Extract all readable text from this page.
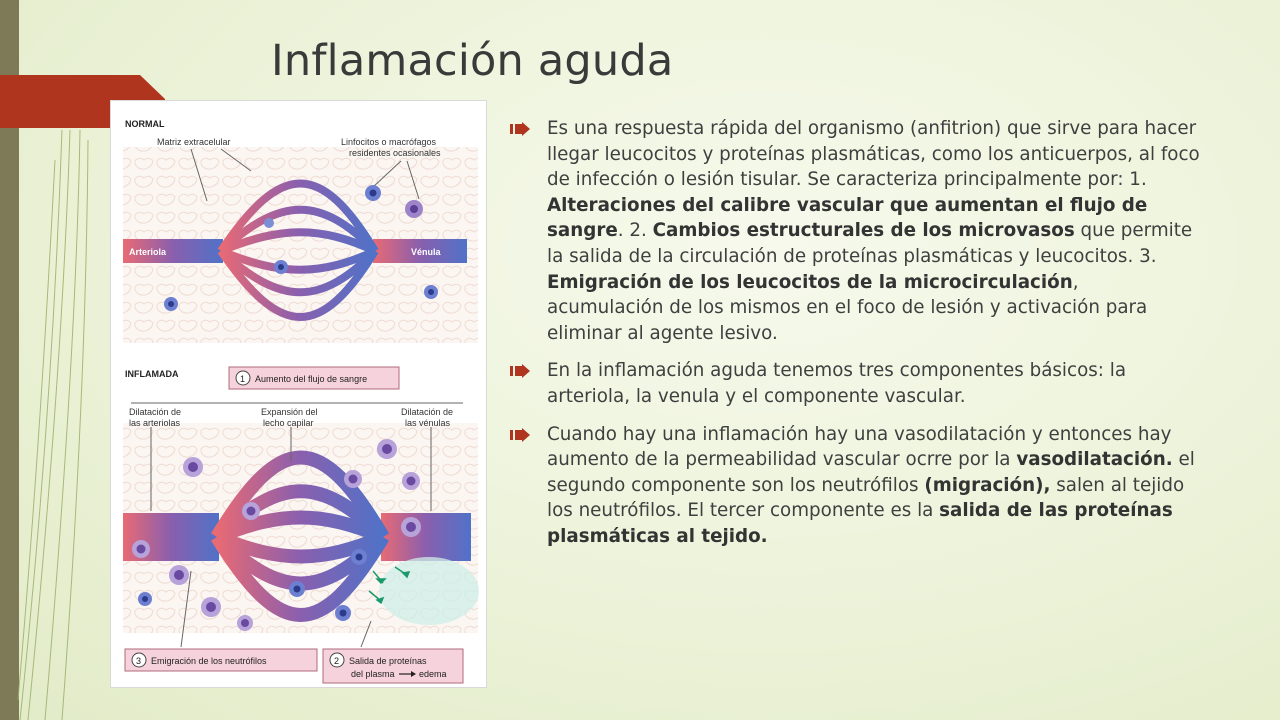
Inflamación aguda
NORMAL
Matriz extracelular	Linfocitos o macrófagos
residentes ocasionales
Arteriola	Vénula
INFLAMADA	1 Aumento del flujo de sangre
Dilatación de
las arteriolas
Expansión del
lecho capilar
Dilatación de
las vénulas
3 Emigración de los neutrófilos	2 Salida de proteínas
del plasma	edema
Es una respuesta rápida del organismo (anfitrion) que sirve para hacer llegar leucocitos y proteínas plasmáticas, como los anticuerpos, al foco de infección o lesión tisular. Se caracteriza principalmente por: 1. Alteraciones del calibre vascular que aumentan el flujo de sangre. 2. Cambios estructurales de los microvasos que permite la salida de la circulación de proteínas plasmáticas y leucocitos. 3. Emigración de los leucocitos de la microcirculación, acumulación de los mismos en el foco de lesión y activación para eliminar al agente lesivo.
En la inflamación aguda tenemos tres componentes básicos: la arteriola, la venula y el componente vascular.
Cuando hay una inflamación hay una vasodilatación y entonces hay aumento de la permeabilidad vascular ocrre por la vasodilatación. el segundo componente son los neutrófilos (migración), salen al tejido los neutrófilos. El tercer componente es la salida de las proteínas plasmáticas al tejido.
